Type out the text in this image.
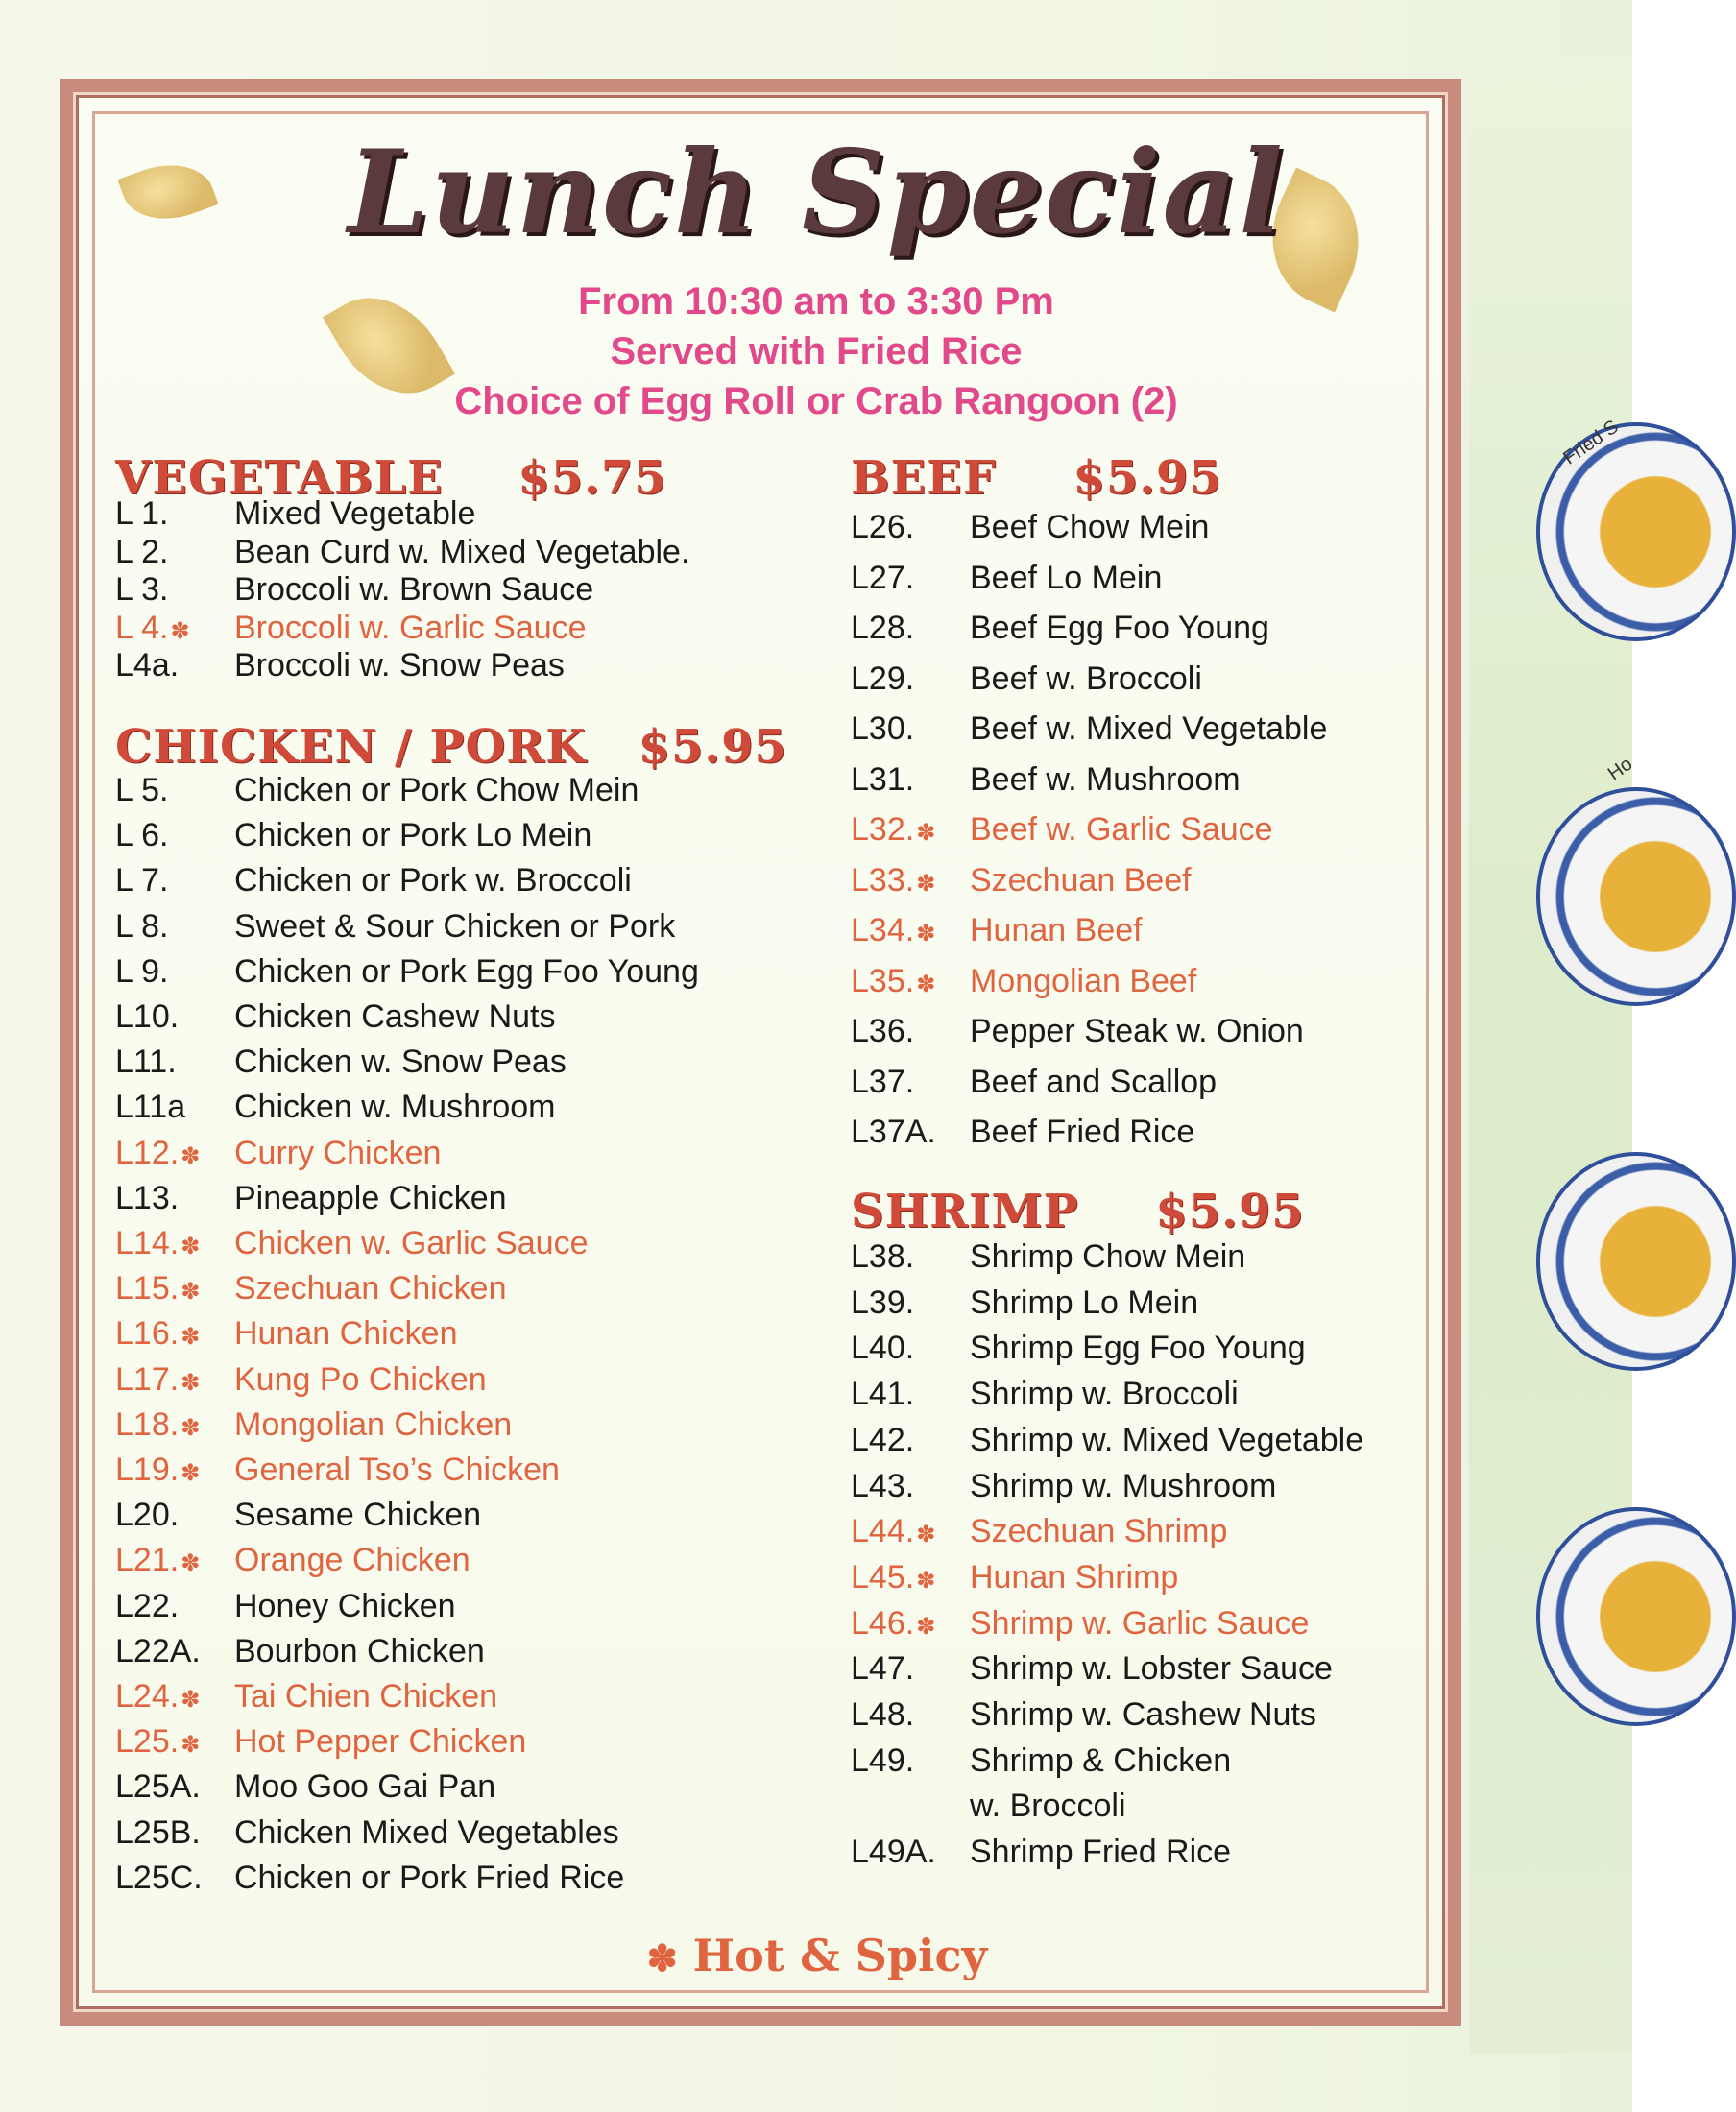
Fried S
Ho
Lunch Special
From 10:30 am to 3:30 Pm
Served with Fried Rice
Choice of Egg Roll or Crab Rangoon (2)
VEGETABLE $5.75
CHICKEN / PORK $5.95
BEEF $5.95
SHRIMP $5.95
L 1. Mixed Vegetable
L 2. Bean Curd w. Mixed Vegetable.
L 3. Broccoli w. Brown Sauce
L 4.✽ Broccoli w. Garlic Sauce
L4a. Broccoli w. Snow Peas
L 5. Chicken or Pork Chow Mein
L 6. Chicken or Pork Lo Mein
L 7. Chicken or Pork w. Broccoli
L 8. Sweet & Sour Chicken or Pork
L 9. Chicken or Pork Egg Foo Young
L10. Chicken Cashew Nuts
L11. Chicken w. Snow Peas
L11a Chicken w. Mushroom
L12.✽ Curry Chicken
L13. Pineapple Chicken
L14.✽ Chicken w. Garlic Sauce
L15.✽ Szechuan Chicken
L16.✽ Hunan Chicken
L17.✽ Kung Po Chicken
L18.✽ Mongolian Chicken
L19.✽ General Tso’s Chicken
L20. Sesame Chicken
L21.✽ Orange Chicken
L22. Honey Chicken
L22A. Bourbon Chicken
L24.✽ Tai Chien Chicken
L25.✽ Hot Pepper Chicken
L25A. Moo Goo Gai Pan
L25B. Chicken Mixed Vegetables
L25C. Chicken or Pork Fried Rice
L26. Beef Chow Mein
L27. Beef Lo Mein
L28. Beef Egg Foo Young
L29. Beef w. Broccoli
L30. Beef w. Mixed Vegetable
L31. Beef w. Mushroom
L32.✽ Beef w. Garlic Sauce
L33.✽ Szechuan Beef
L34.✽ Hunan Beef
L35.✽ Mongolian Beef
L36. Pepper Steak w. Onion
L37. Beef and Scallop
L37A. Beef Fried Rice
L38. Shrimp Chow Mein
L39. Shrimp Lo Mein
L40. Shrimp Egg Foo Young
L41. Shrimp w. Broccoli
L42. Shrimp w. Mixed Vegetable
L43. Shrimp w. Mushroom
L44.✽ Szechuan Shrimp
L45.✽ Hunan Shrimp
L46.✽ Shrimp w. Garlic Sauce
L47. Shrimp w. Lobster Sauce
L48. Shrimp w. Cashew Nuts
L49. Shrimp & Chicken
w. Broccoli
L49A. Shrimp Fried Rice
✽ Hot & Spicy
